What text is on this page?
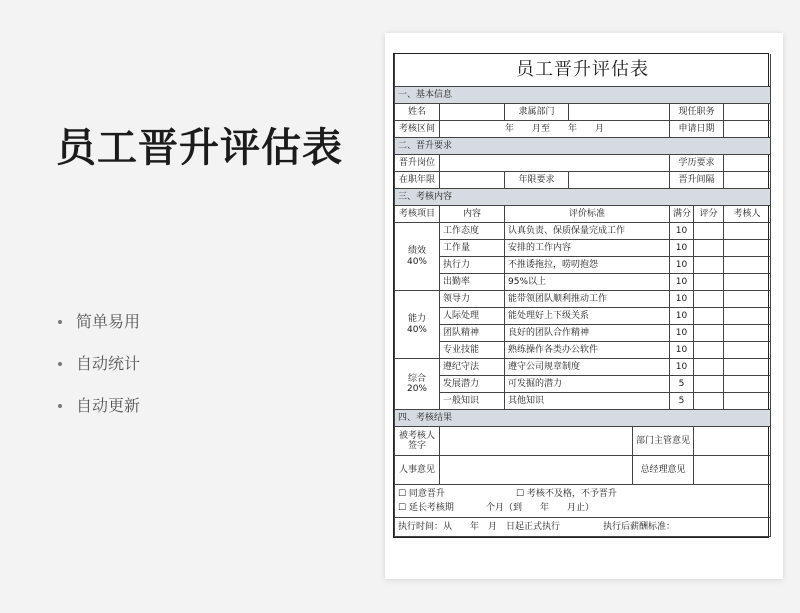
员工晋升评估表
简单易用
自动统计
自动更新
员工晋升评估表							
一、基本信息							
姓名		隶属部门			现任职务		
考核区间	年　　月至　　年　　月				申请日期		
二、晋升要求							
晋升岗位					学历要求		
在职年限		年限要求			晋升间隔		
三、考核内容							
考核项目	内容	评价标准			满分	评分	考核人

绩效
40%	工作态度	认真负责、保质保量完成工作			10		
	工作量	安排的工作内容			10		
	执行力	不推诿拖拉，唠叨抱怨			10		
	出勤率	95%以上			10		

能力
40%	领导力	能带领团队顺利推动工作			10		
	人际处理	能处理好上下级关系			10		
	团队精神	良好的团队合作精神			10		
	专业技能	熟练操作各类办公软件			10		

综合
20%	遵纪守法	遵守公司规章制度			10		
	发展潜力	可发掘的潜力			5		
	一般知识	其他知识			5		
四、考核结果							
被考核人签字				部门主管意见			
人事意见				总经理意见			

☐ 同意晋升 ☐ 考核不及格，不予晋升
☐ 延长考核期 个月（到　　年　　月止）							

执行时间：从　　年　月　日起正式执行 执行后薪酬标准：							
